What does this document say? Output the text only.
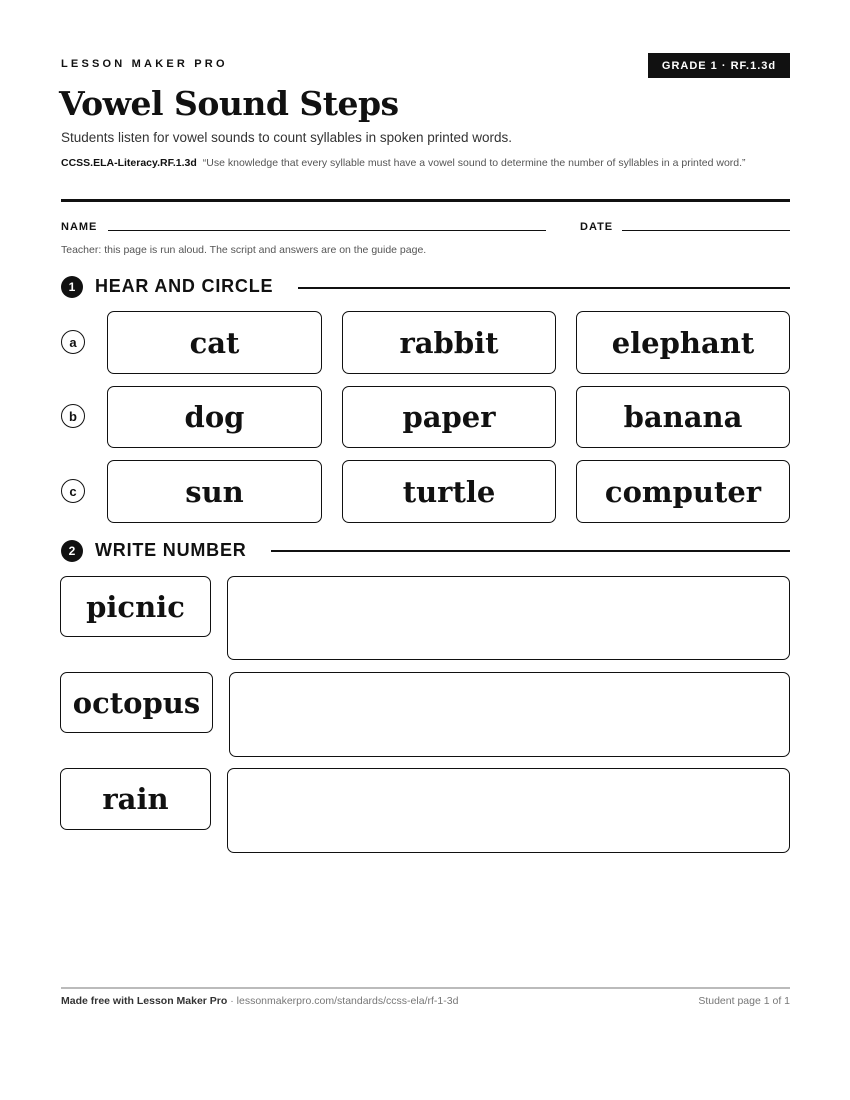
LESSON MAKER PRO	GRADE 1 · RF.1.3d
Vowel Sound Steps
Students listen for vowel sounds to count syllables in spoken printed words.
CCSS.ELA-Literacy.RF.1.3d “Use knowledge that every syllable must have a vowel sound to determine the number of syllables in a printed word.”
NAME	DATE
Teacher: this page is run aloud. The script and answers are on the guide page.
1	HEAR AND CIRCLE
a	cat	rabbit	elephant
b	dog	paper	banana
c	sun	turtle	computer
2	WRITE NUMBER
picnic
octopus
rain
Made free with Lesson Maker Pro · lessonmakerpro.com/standards/ccss-ela/rf-1-3d	Student page 1 of 1
